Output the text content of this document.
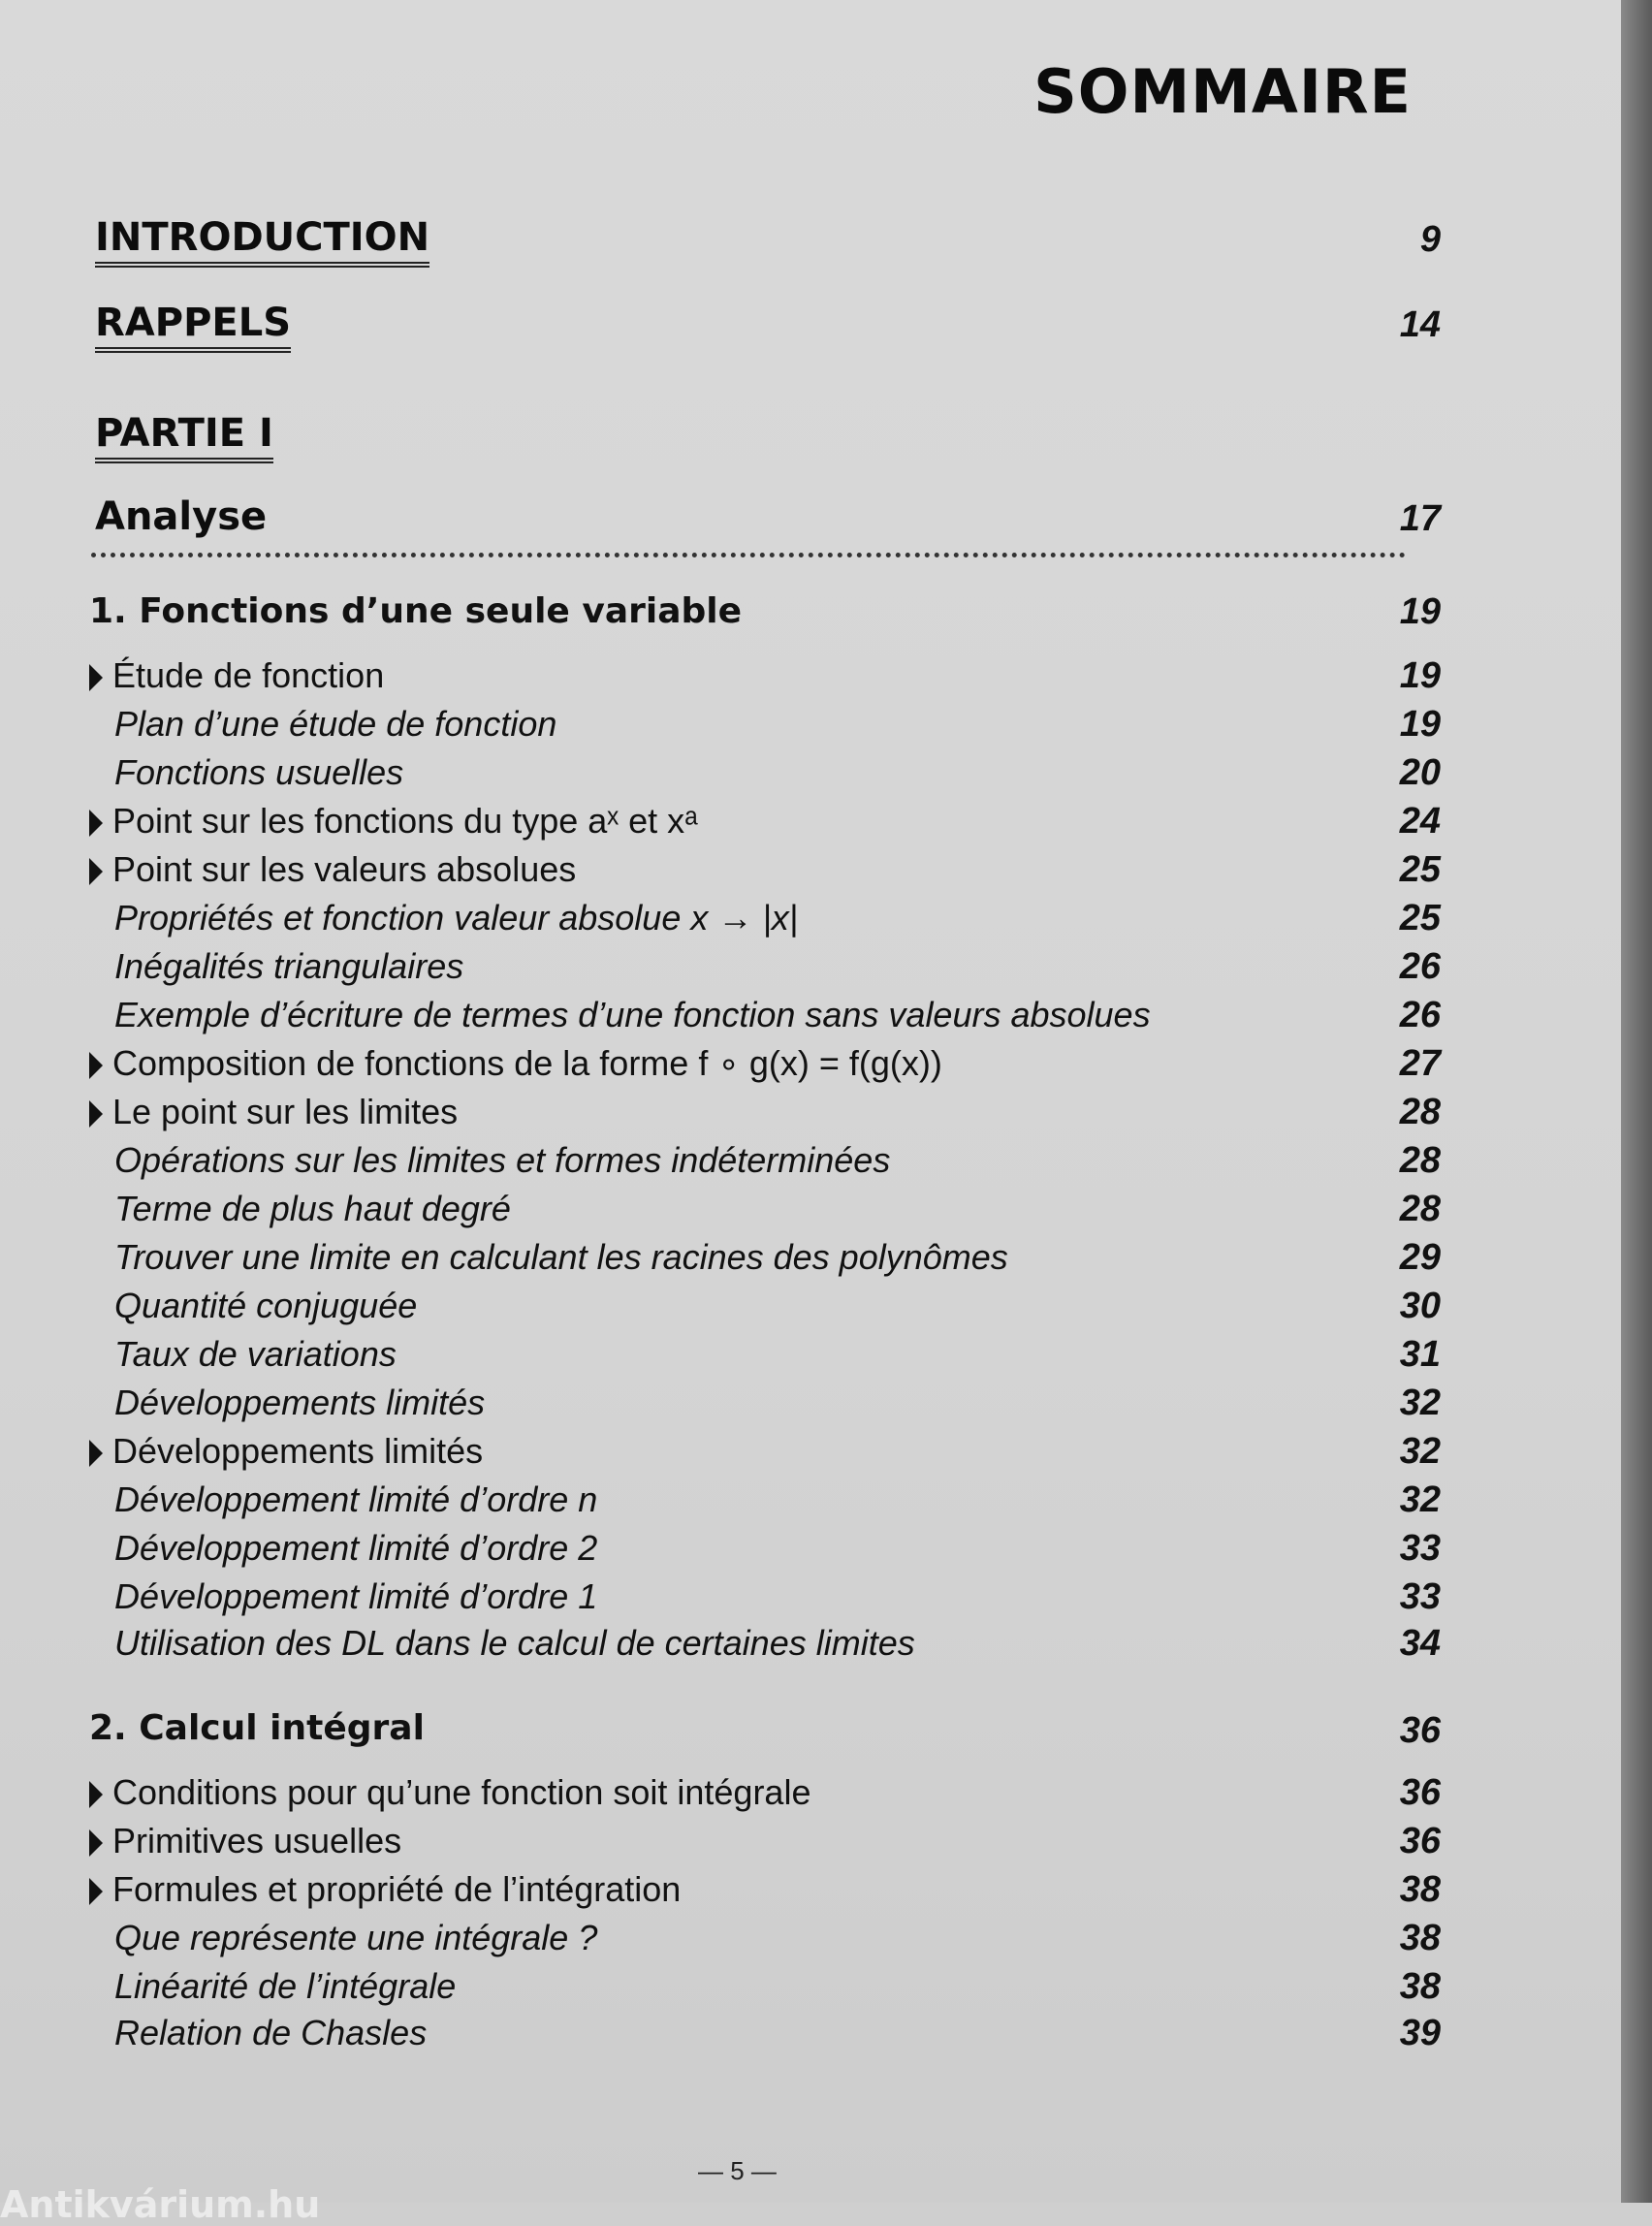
SOMMAIRE
INTRODUCTION	9
RAPPELS	14
PARTIE I
Analyse	17
1. Fonctions d’une seule variable	19
Étude de fonction	19
Plan d’une étude de fonction	19
Fonctions usuelles	20
Point sur les fonctions du type aˣ et xᵃ	24
Point sur les valeurs absolues	25
Propriétés et fonction valeur absolue x → |x|	25
Inégalités triangulaires	26
Exemple d’écriture de termes d’une fonction sans valeurs absolues	26
Composition de fonctions de la forme f ∘ g(x) = f(g(x))	27
Le point sur les limites	28
Opérations sur les limites et formes indéterminées	28
Terme de plus haut degré	28
Trouver une limite en calculant les racines des polynômes	29
Quantité conjuguée	30
Taux de variations	31
Développements limités	32
Développements limités	32
Développement limité d’ordre n	32
Développement limité d’ordre 2	33
Développement limité d’ordre 1	33
Utilisation des DL dans le calcul de certaines limites	34
2. Calcul intégral	36
Conditions pour qu’une fonction soit intégrale	36
Primitives usuelles	36
Formules et propriété de l’intégration	38
Que représente une intégrale ?	38
Linéarité de l’intégrale	38
Relation de Chasles	39
— 5 —
Antikvárium.hu
